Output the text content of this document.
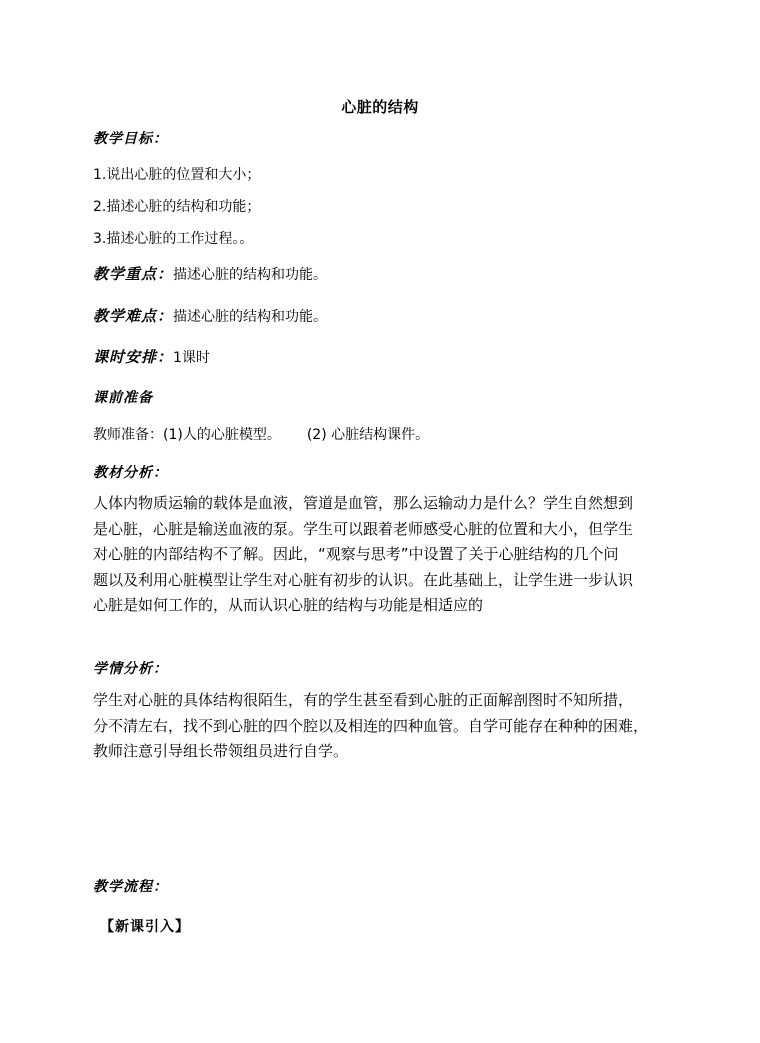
心脏的结构
教学目标：
1.说出心脏的位置和大小；
2.描述心脏的结构和功能；
3.描述心脏的工作过程。。
教学重点：描述心脏的结构和功能。
教学难点：描述心脏的结构和功能。
课时安排：1课时
课前准备
教师准备：(1)人的心脏模型。 (2) 心脏结构课件。
教材分析：

人体内物质运输的载体是血液，管道是血管，那么运输动力是什么？学生自然想到

是心脏，心脏是输送血液的泵。学生可以跟着老师感受心脏的位置和大小，但学生

对心脏的内部结构不了解。因此，“观察与思考”中设置了关于心脏结构的几个问

题以及利用心脏模型让学生对心脏有初步的认识。在此基础上，让学生进一步认识

心脏是如何工作的，从而认识心脏的结构与功能是相适应的

学情分析：

学生对心脏的具体结构很陌生，有的学生甚至看到心脏的正面解剖图时不知所措，

分不清左右，找不到心脏的四个腔以及相连的四种血管。自学可能存在种种的困难，

教师注意引导组长带领组员进行自学。

教学流程：
【新课引入】
